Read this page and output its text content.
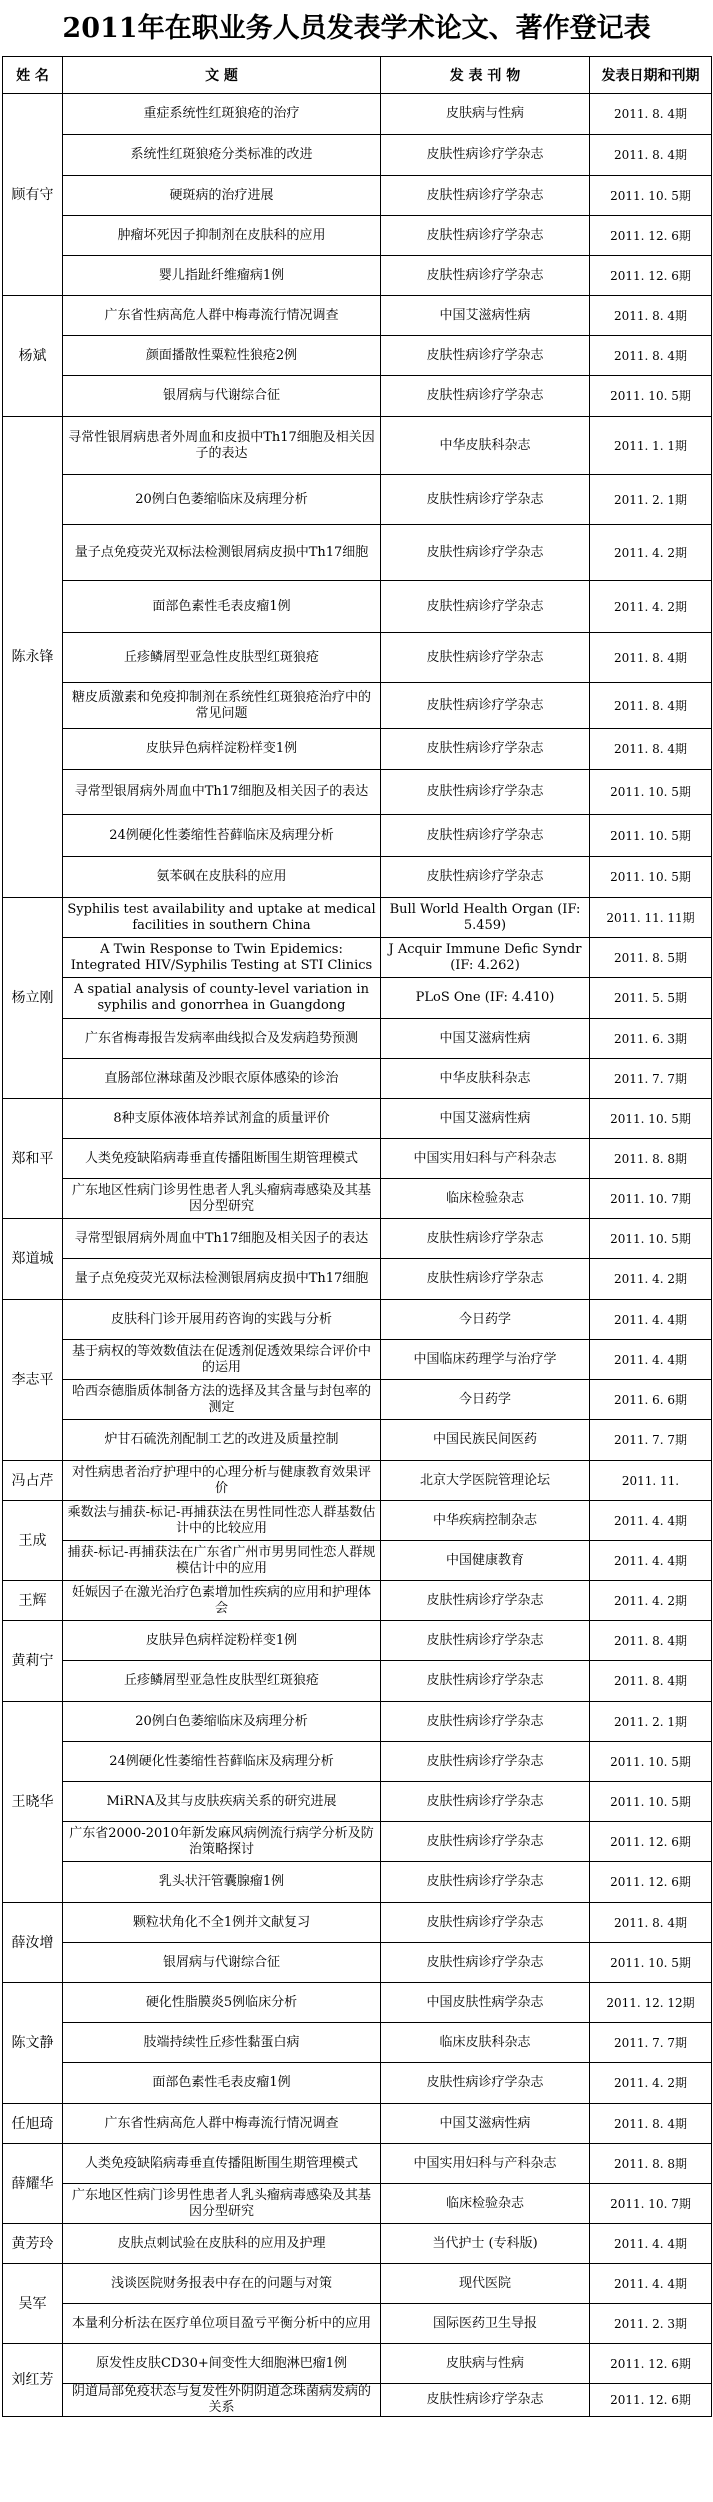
2011年在职业务人员发表学术论文、著作登记表
姓 名	文 题	发 表 刊 物	发表日期和刊期
顾有守	重症系统性红斑狼疮的治疗	皮肤病与性病	2011. 8. 4期
	系统性红斑狼疮分类标准的改进	皮肤性病诊疗学杂志	2011. 8. 4期
	硬斑病的治疗进展	皮肤性病诊疗学杂志	2011. 10. 5期
	肿瘤坏死因子抑制剂在皮肤科的应用	皮肤性病诊疗学杂志	2011. 12. 6期
	婴儿指趾纤维瘤病1例	皮肤性病诊疗学杂志	2011. 12. 6期
杨斌	广东省性病高危人群中梅毒流行情况调查	中国艾滋病性病	2011. 8. 4期
	颜面播散性粟粒性狼疮2例	皮肤性病诊疗学杂志	2011. 8. 4期
	银屑病与代谢综合征	皮肤性病诊疗学杂志	2011. 10. 5期
陈永锋	寻常性银屑病患者外周血和皮损中Th17细胞及相关因子的表达	中华皮肤科杂志	2011. 1. 1期
	20例白色萎缩临床及病理分析	皮肤性病诊疗学杂志	2011. 2. 1期
	量子点免疫荧光双标法检测银屑病皮损中Th17细胞	皮肤性病诊疗学杂志	2011. 4. 2期
	面部色素性毛表皮瘤1例	皮肤性病诊疗学杂志	2011. 4. 2期
	丘疹鳞屑型亚急性皮肤型红斑狼疮	皮肤性病诊疗学杂志	2011. 8. 4期
	糖皮质激素和免疫抑制剂在系统性红斑狼疮治疗中的常见问题	皮肤性病诊疗学杂志	2011. 8. 4期
	皮肤异色病样淀粉样变1例	皮肤性病诊疗学杂志	2011. 8. 4期
	寻常型银屑病外周血中Th17细胞及相关因子的表达	皮肤性病诊疗学杂志	2011. 10. 5期
	24例硬化性萎缩性苔藓临床及病理分析	皮肤性病诊疗学杂志	2011. 10. 5期
	氨苯砜在皮肤科的应用	皮肤性病诊疗学杂志	2011. 10. 5期
杨立刚	Syphilis test availability and uptake at medical facilities in southern China	Bull World Health Organ (IF: 5.459)	2011. 11. 11期
	A Twin Response to Twin Epidemics: Integrated HIV/Syphilis Testing at STI Clinics	J Acquir Immune Defic Syndr (IF: 4.262)	2011. 8. 5期
	A spatial analysis of county-level variation in syphilis and gonorrhea in Guangdong	PLoS One (IF: 4.410)	2011. 5. 5期
	广东省梅毒报告发病率曲线拟合及发病趋势预测	中国艾滋病性病	2011. 6. 3期
	直肠部位淋球菌及沙眼衣原体感染的诊治	中华皮肤科杂志	2011. 7. 7期
郑和平	8种支原体液体培养试剂盒的质量评价	中国艾滋病性病	2011. 10. 5期
	人类免疫缺陷病毒垂直传播阻断围生期管理模式	中国实用妇科与产科杂志	2011. 8. 8期
	广东地区性病门诊男性患者人乳头瘤病毒感染及其基因分型研究	临床检验杂志	2011. 10. 7期
郑道城	寻常型银屑病外周血中Th17细胞及相关因子的表达	皮肤性病诊疗学杂志	2011. 10. 5期
	量子点免疫荧光双标法检测银屑病皮损中Th17细胞	皮肤性病诊疗学杂志	2011. 4. 2期
李志平	皮肤科门诊开展用药咨询的实践与分析	今日药学	2011. 4. 4期
	基于病权的等效数值法在促透剂促透效果综合评价中的运用	中国临床药理学与治疗学	2011. 4. 4期
	哈西奈德脂质体制备方法的选择及其含量与封包率的测定	今日药学	2011. 6. 6期
	炉甘石硫洗剂配制工艺的改进及质量控制	中国民族民间医药	2011. 7. 7期
冯占芹	对性病患者治疗护理中的心理分析与健康教育效果评价	北京大学医院管理论坛	2011. 11.
王成	乘数法与捕获-标记-再捕获法在男性同性恋人群基数估计中的比较应用	中华疾病控制杂志	2011. 4. 4期
	捕获-标记-再捕获法在广东省广州市男男同性恋人群规模估计中的应用	中国健康教育	2011. 4. 4期
王辉	妊娠因子在激光治疗色素增加性疾病的应用和护理体会	皮肤性病诊疗学杂志	2011. 4. 2期
黄莉宁	皮肤异色病样淀粉样变1例	皮肤性病诊疗学杂志	2011. 8. 4期
	丘疹鳞屑型亚急性皮肤型红斑狼疮	皮肤性病诊疗学杂志	2011. 8. 4期
王晓华	20例白色萎缩临床及病理分析	皮肤性病诊疗学杂志	2011. 2. 1期
	24例硬化性萎缩性苔藓临床及病理分析	皮肤性病诊疗学杂志	2011. 10. 5期
	MiRNA及其与皮肤疾病关系的研究进展	皮肤性病诊疗学杂志	2011. 10. 5期
	广东省2000-2010年新发麻风病例流行病学分析及防治策略探讨	皮肤性病诊疗学杂志	2011. 12. 6期
	乳头状汗管囊腺瘤1例	皮肤性病诊疗学杂志	2011. 12. 6期
薛汝增	颗粒状角化不全1例并文献复习	皮肤性病诊疗学杂志	2011. 8. 4期
	银屑病与代谢综合征	皮肤性病诊疗学杂志	2011. 10. 5期
陈文静	硬化性脂膜炎5例临床分析	中国皮肤性病学杂志	2011. 12. 12期
	肢端持续性丘疹性黏蛋白病	临床皮肤科杂志	2011. 7. 7期
	面部色素性毛表皮瘤1例	皮肤性病诊疗学杂志	2011. 4. 2期
任旭琦	广东省性病高危人群中梅毒流行情况调查	中国艾滋病性病	2011. 8. 4期
薛耀华	人类免疫缺陷病毒垂直传播阻断围生期管理模式	中国实用妇科与产科杂志	2011. 8. 8期
	广东地区性病门诊男性患者人乳头瘤病毒感染及其基因分型研究	临床检验杂志	2011. 10. 7期
黄芳玲	皮肤点刺试验在皮肤科的应用及护理	当代护士 (专科版)	2011. 4. 4期
吴军	浅谈医院财务报表中存在的问题与对策	现代医院	2011. 4. 4期
	本量利分析法在医疗单位项目盈亏平衡分析中的应用	国际医药卫生导报	2011. 2. 3期
刘红芳	原发性皮肤CD30+间变性大细胞淋巴瘤1例	皮肤病与性病	2011. 12. 6期
	阴道局部免疫状态与复发性外阴阴道念珠菌病发病的关系	皮肤性病诊疗学杂志	2011. 12. 6期
